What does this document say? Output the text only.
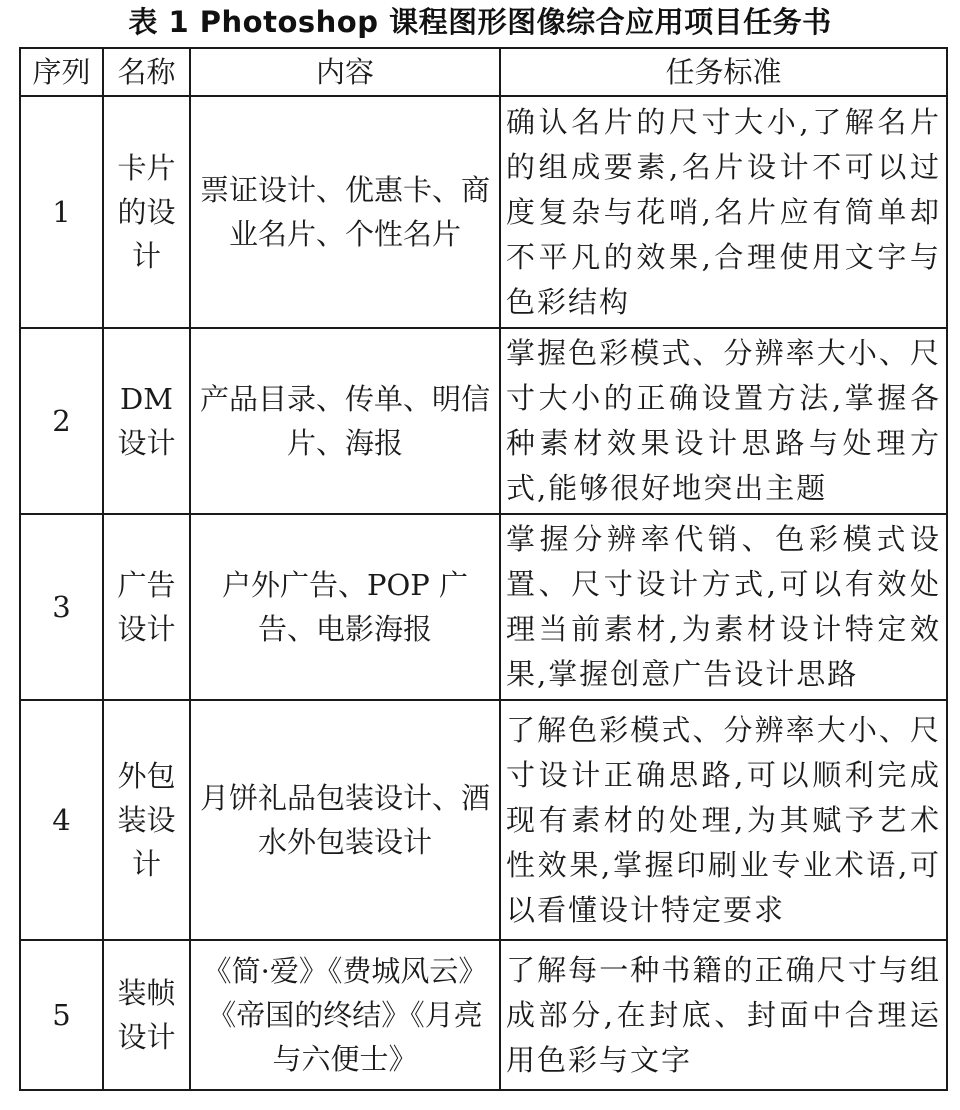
表 1 Photoshop 课程图形图像综合应用项目任务书
序列	名称	内容	任务标准
1	卡片的设计	票证设计、优惠卡、商业名片、个性名片	确认名片的尺寸大小,了解名片的组成要素,名片设计不可以过度复杂与花哨,名片应有简单却不平凡的效果,合理使用文字与色彩结构
2	DM设计	产品目录、传单、明信片、海报	掌握色彩模式、分辨率大小、尺寸大小的正确设置方法,掌握各种素材效果设计思路与处理方式,能够很好地突出主题
3	广告设计	户外广告、POP 广告、电影海报	掌握分辨率代销、色彩模式设置、尺寸设计方式,可以有效处理当前素材,为素材设计特定效果,掌握创意广告设计思路
4	外包装设计	月饼礼品包装设计、酒水外包装设计	了解色彩模式、分辨率大小、尺寸设计正确思路,可以顺利完成现有素材的处理,为其赋予艺术性效果,掌握印刷业专业术语,可以看懂设计特定要求
5	装帧设计	《简·爱》《费城风云》《帝国的终结》《月亮与六便士》	了解每一种书籍的正确尺寸与组成部分,在封底、封面中合理运用色彩与文字
